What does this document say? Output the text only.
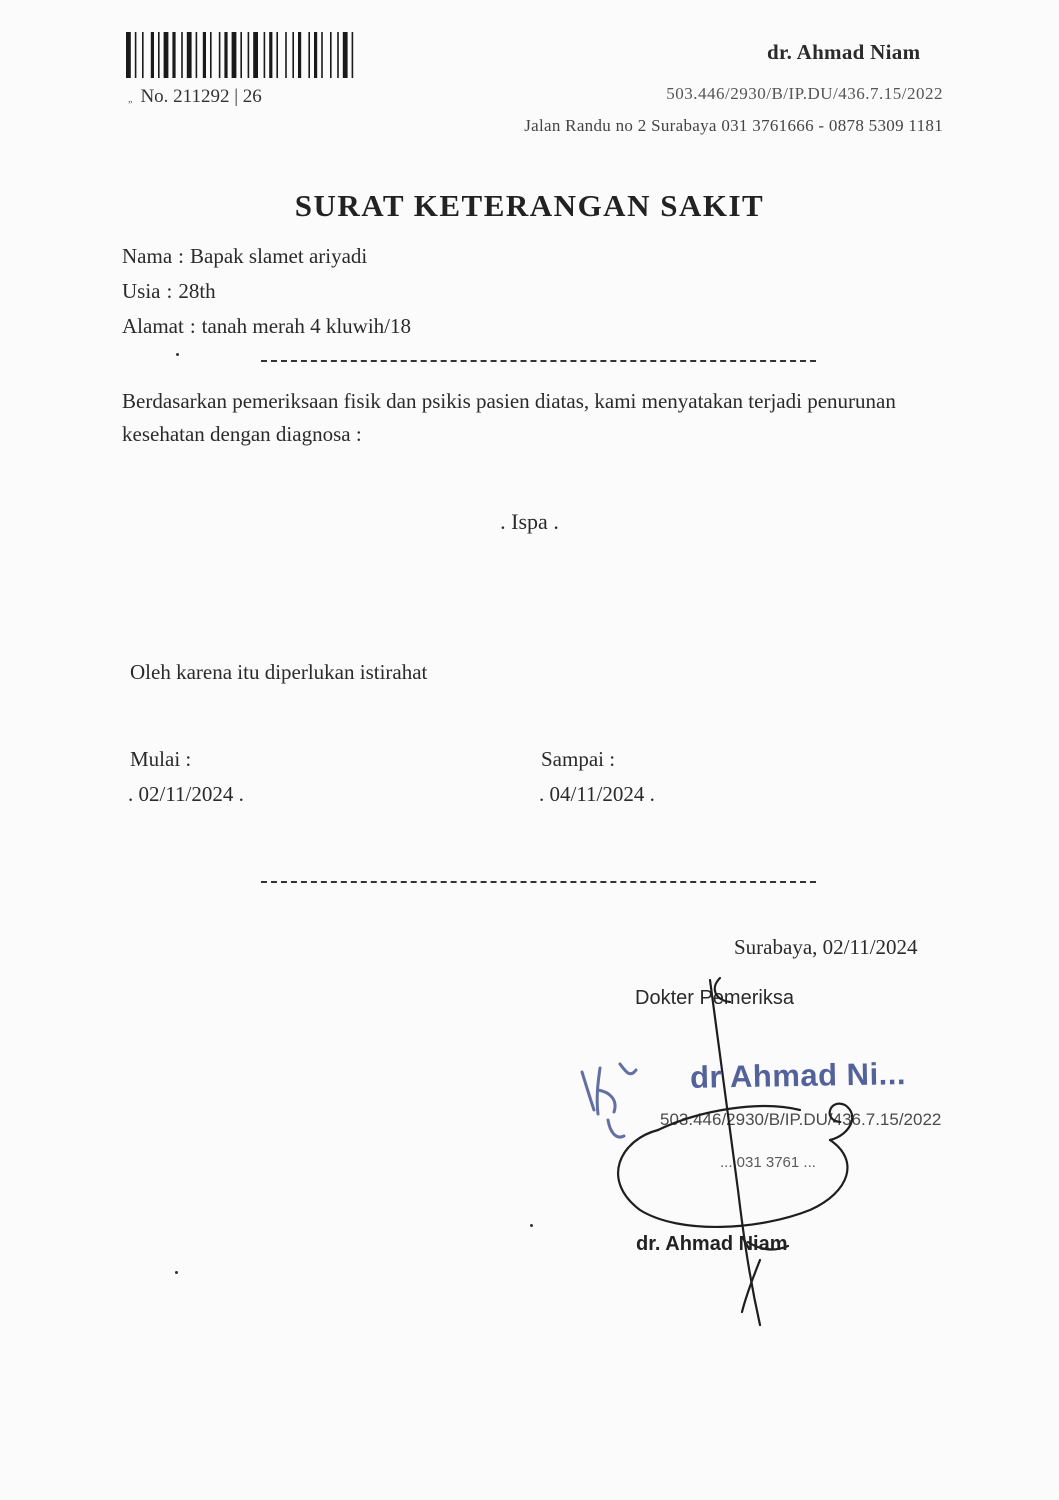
„ No. 211292 | 26
dr. Ahmad Niam
503.446/2930/B/IP.DU/436.7.15/2022
Jalan Randu no 2 Surabaya 031 3761666 - 0878 5309 1181
SURAT KETERANGAN SAKIT
Nama : Bapak slamet ariyadi
Usia : 28th
Alamat : tanah merah 4 kluwih/18
Berdasarkan pemeriksaan fisik dan psikis pasien diatas, kami menyatakan terjadi penurunan kesehatan dengan diagnosa :
. Ispa .
Oleh karena itu diperlukan istirahat
Mulai :
. 02/11/2024 .
Sampai :
. 04/11/2024 .
Surabaya, 02/11/2024
Dokter Pemeriksa
dr Ahmad Ni...
503.446/2930/B/IP.DU/436.7.15/2022
... 031 3761 ...
dr. Ahmad Niam
